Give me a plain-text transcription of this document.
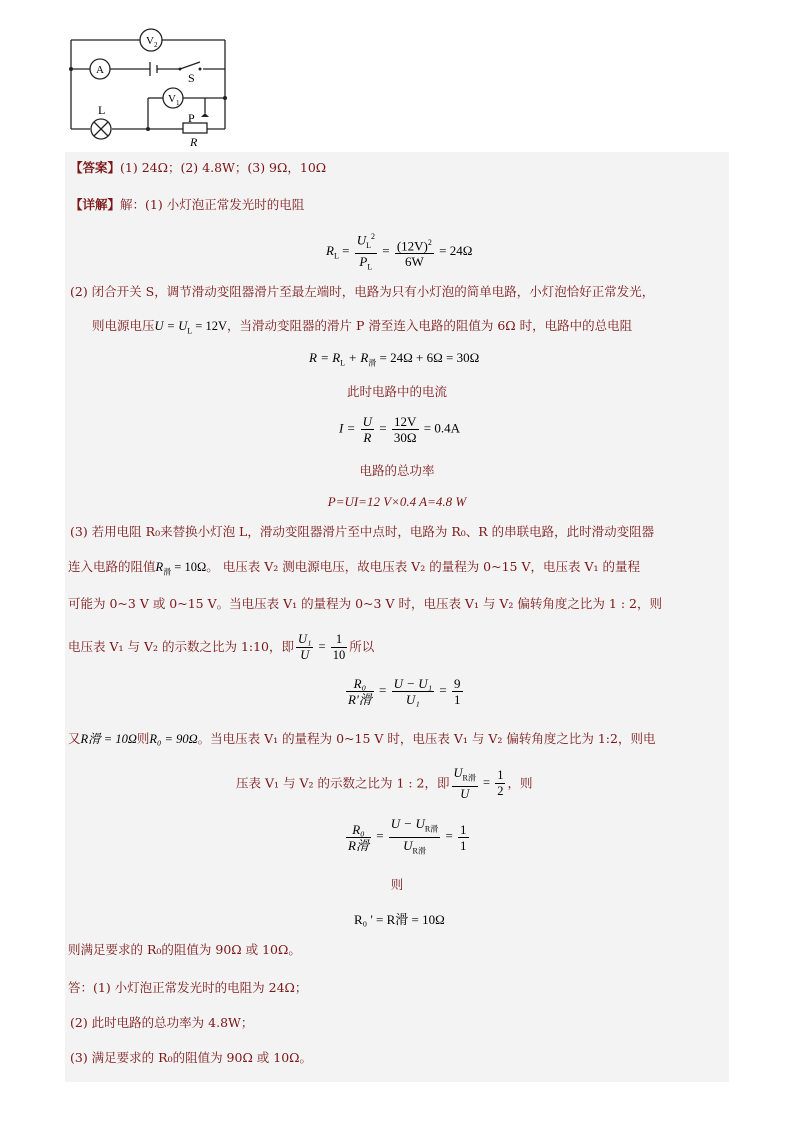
V 2
A
S
V 1
L
P
R
【答案】(1) 24Ω；(2) 4.8W；(3) 9Ω，10Ω
【详解】解：(1) 小灯泡正常发光时的电阻
$R_L = \frac{U_L^2}{P_L} = \frac{(12V)^2}{6W} = 24\Omega$
(2) 闭合开关 S，调节滑动变阻器滑片至最左端时，电路为只有小灯泡的简单电路，小灯泡恰好正常发光，
则电源电压$U = U_L = 12V$，当滑动变阻器的滑片 P 滑至连入电路的阻值为 6Ω 时，电路中的总电阻
$R = R_L + R_滑 = 24\Omega + 6\Omega = 30\Omega$
此时电路中的电流
$I = \frac{U}{R} = \frac{12V}{30\Omega} = 0.4A$
电路的总功率
P=UI=12 V×0.4 A=4.8 W
(3) 若用电阻 R₀来替换小灯泡 L，滑动变阻器滑片至中点时，电路为 R₀、R 的串联电路，此时滑动变阻器
连入电路的阻值$R_滑 = 10\Omega$。 电压表 V₂ 测电源电压，故电压表 V₂ 的量程为 0~15 V，电压表 V₁ 的量程
可能为 0~3 V 或 0~15 V。当电压表 V₁ 的量程为 0~3 V 时，电压表 V₁ 与 V₂ 偏转角度之比为 1 : 2，则
电压表 V₁ 与 V₂ 的示数之比为 1:10，即 $\frac{\text{U₁}}{U} = \frac{1}{10}$ 所以
$\frac{\text{R₀}}{\text{R'滑}} = \frac{\text{U − U₁}}{\text{U₁}} = \frac{9}{1}$
又R滑 = 10Ω则R₀ = 90Ω。当电压表 V₁ 的量程为 0~15 V 时，电压表 V₁ 与 V₂ 偏转角度之比为 1:2，则电
压表 V₁ 与 V₂ 的示数之比为 1 : 2，即 $\frac{U_{R滑}}{U} = \frac{1}{2}$ ，则
$\frac{\text{R₀}}{\text{R滑}} = \frac{U - U_{R滑}}{U_{R滑}} = \frac{1}{1}$
则
R₀ ' = R滑 = 10Ω
则满足要求的 R₀的阻值为 90Ω 或 10Ω。
答：(1) 小灯泡正常发光时的电阻为 24Ω；
(2) 此时电路的总功率为 4.8W；
(3) 满足要求的 R₀的阻值为 90Ω 或 10Ω。
